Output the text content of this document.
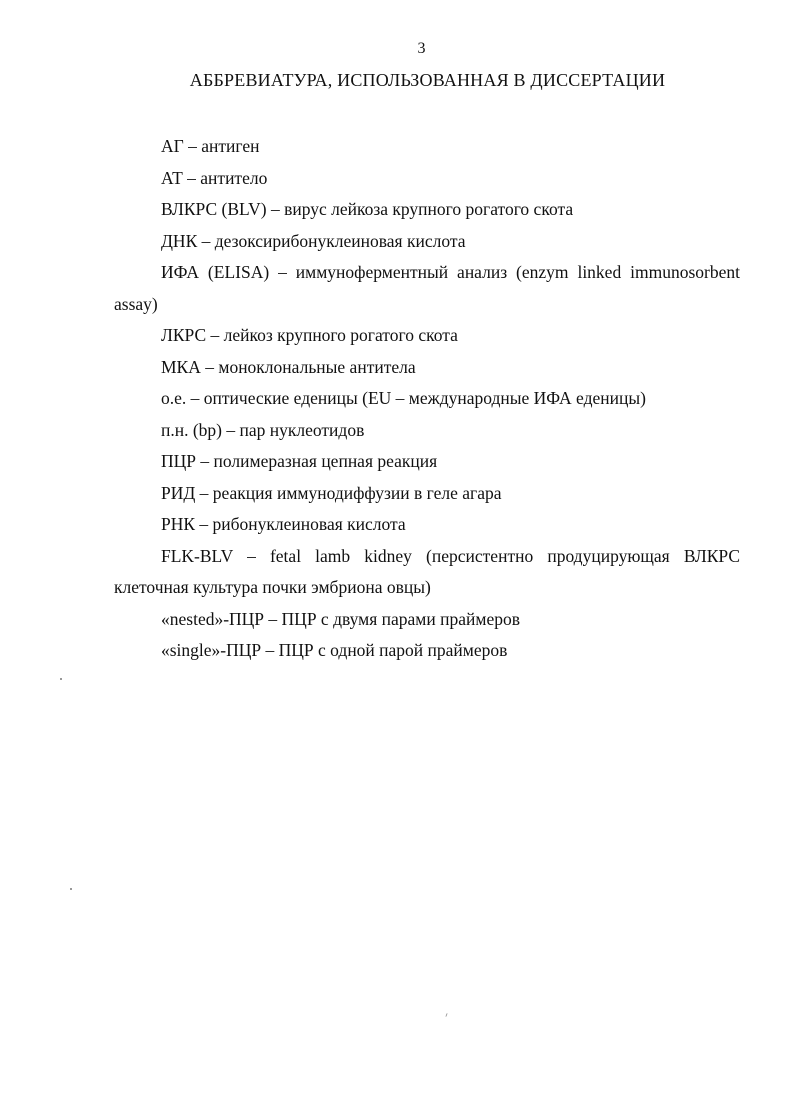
3
АББРЕВИАТУРА, ИСПОЛЬЗОВАННАЯ В ДИССЕРТАЦИИ
АГ – антиген
АТ – антитело
ВЛКРС (BLV) – вирус лейкоза крупного рогатого скота
ДНК – дезоксирибонуклеиновая кислота
ИФА (ELISA) – иммуноферментный анализ (enzym linked immunosorbent assay)
ЛКРС – лейкоз крупного рогатого скота
МКА – моноклональные антитела
о.е. – оптические еденицы (EU – международные ИФА еденицы)
п.н. (bp) – пар нуклеотидов
ПЦР – полимеразная цепная реакция
РИД – реакция иммунодиффузии в геле агара
РНК – рибонуклеиновая кислота
FLK-BLV – fetal lamb kidney (персистентно продуцирующая ВЛКРС клеточная культура почки эмбриона овцы)
«nested»-ПЦР – ПЦР с двумя парами праймеров
«single»-ПЦР – ПЦР с одной парой праймеров
